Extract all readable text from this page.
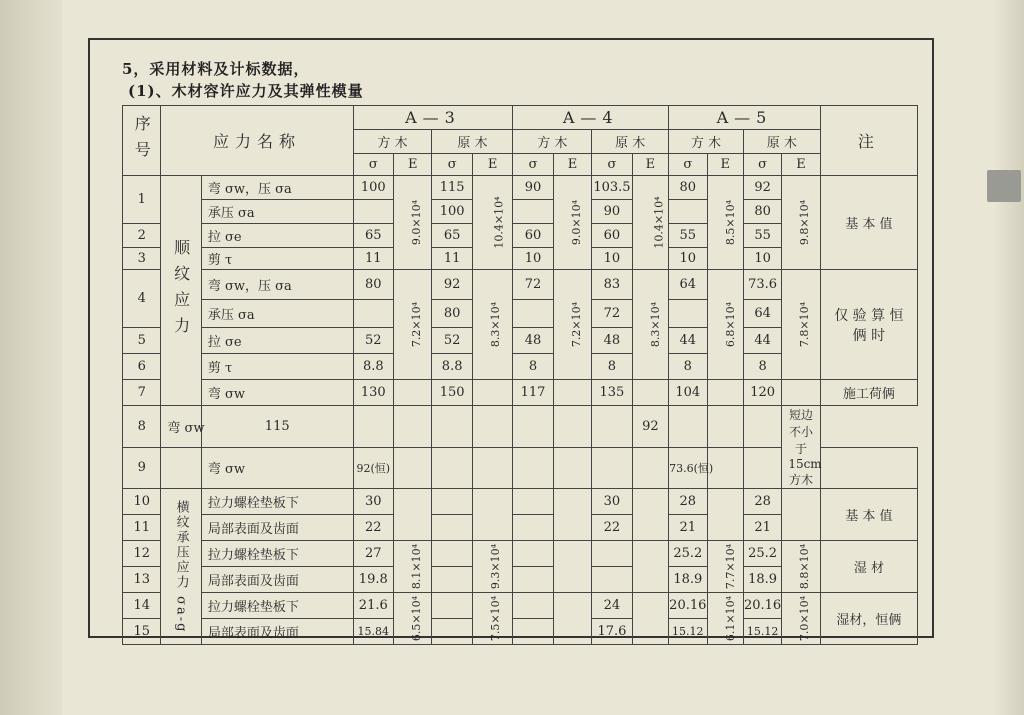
5，采用材料及计标数据，
(1)、木材容许应力及其弹性模量
序号	应力名称		A—3				A—4				A—5				注
			方 木		原 木		方 木		原 木		方 木		原 木		
			σ	E	σ	E	σ	E	σ	E	σ	E	σ	E	
1	顺纹应力	弯 σw，压 σa	100	9.0×10⁴	115	10.4×10⁴	90	9.0×10⁴	103.5	10.4×10⁴	80	8.5×10⁴	92	9.8×10⁴	基 本 值
		承压 σa			100				90				80		
2		拉 σe	65		65		60		60		55		55		
3		剪 τ	11		11		10		10		10		10		
4		弯 σw，压 σa	80	7.2×10⁴	92	8.3×10⁴	72	7.2×10⁴	83	8.3×10⁴	64	6.8×10⁴	73.6	7.8×10⁴	仅 验 算 恒 俩 时
		承压 σa			80				72				64		
5		拉 σe	52		52		48		48		44		44		
6		剪 τ	8.8		8.8		8		8		8		8		
7		弯 σw	130		150		117		135		104		120		施工荷俩
8	弯 σw	115								92				短边不小于 15cm方木	
9		弯 σw	92(恒)								73.6(恒)				
10	横纹承压应力 σa-g	拉力螺栓垫板下	30						30		28		28		基 本 值
11		局部表面及齿面	22						22		21		21		
12		拉力螺栓垫板下	27	8.1×10⁴		9.3×10⁴					25.2	7.7×10⁴	25.2	8.8×10⁴	湿 材
13		局部表面及齿面	19.8								18.9		18.9		
14		拉力螺栓垫板下	21.6	6.5×10⁴		7.5×10⁴			24		20.16	6.1×10⁴	20.16	7.0×10⁴	湿材，恒俩
15		局部表面及齿面	15.84						17.6		15.12		15.12		
